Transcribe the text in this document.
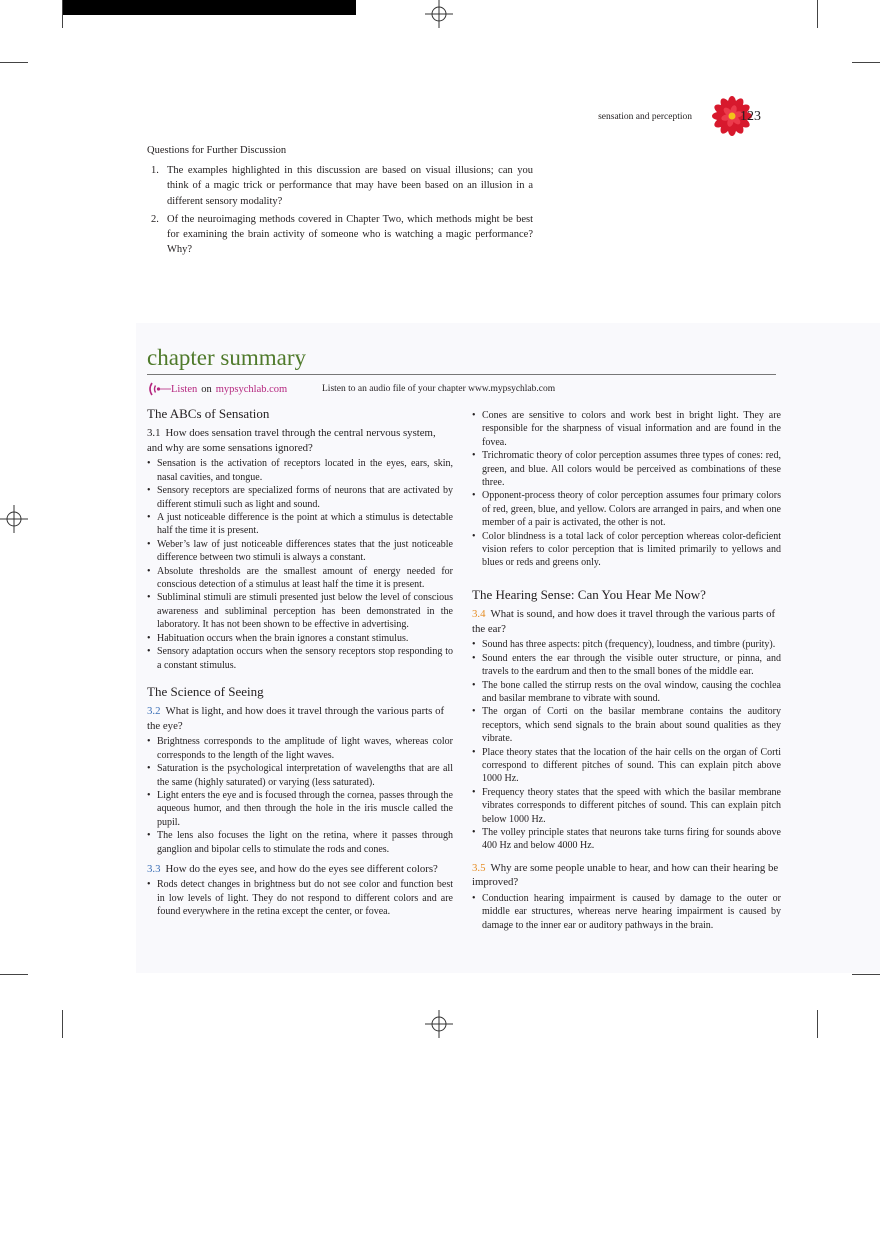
sensation and perception	123
Questions for Further Discussion
1. The examples highlighted in this discussion are based on visual illusions; can you think of a magic trick or performance that may have been based on an illusion in a different sensory modality?
2. Of the neuroimaging methods covered in Chapter Two, which methods might be best for examining the brain activity of someone who is watching a magic performance? Why?
chapter summary
Listen on mypsychlab.com	Listen to an audio file of your chapter www.mypsychlab.com
The ABCs of Sensation
3.1 How does sensation travel through the central nervous system, and why are some sensations ignored?
• Sensation is the activation of receptors located in the eyes, ears, skin, nasal cavities, and tongue.
• Sensory receptors are specialized forms of neurons that are activated by different stimuli such as light and sound.
• A just noticeable difference is the point at which a stimulus is detectable half the time it is present.
• Weber’s law of just noticeable differences states that the just noticeable difference between two stimuli is always a constant.
• Absolute thresholds are the smallest amount of energy needed for conscious detection of a stimulus at least half the time it is present.
• Subliminal stimuli are stimuli presented just below the level of conscious awareness and subliminal perception has been demonstrated in the laboratory. It has not been shown to be effective in advertising.
• Habituation occurs when the brain ignores a constant stimulus.
• Sensory adaptation occurs when the sensory receptors stop responding to a constant stimulus.
The Science of Seeing
3.2 What is light, and how does it travel through the various parts of the eye?
• Brightness corresponds to the amplitude of light waves, whereas color corresponds to the length of the light waves.
• Saturation is the psychological interpretation of wavelengths that are all the same (highly saturated) or varying (less saturated).
• Light enters the eye and is focused through the cornea, passes through the aqueous humor, and then through the hole in the iris muscle called the pupil.
• The lens also focuses the light on the retina, where it passes through ganglion and bipolar cells to stimulate the rods and cones.
3.3 How do the eyes see, and how do the eyes see different colors?
• Rods detect changes in brightness but do not see color and function best in low levels of light. They do not respond to different colors and are found everywhere in the retina except the center, or fovea.
• Cones are sensitive to colors and work best in bright light. They are responsible for the sharpness of visual information and are found in the fovea.
• Trichromatic theory of color perception assumes three types of cones: red, green, and blue. All colors would be perceived as combinations of these three.
• Opponent-process theory of color perception assumes four primary colors of red, green, blue, and yellow. Colors are arranged in pairs, and when one member of a pair is activated, the other is not.
• Color blindness is a total lack of color perception whereas color-deficient vision refers to color perception that is limited primarily to yellows and blues or reds and greens only.
The Hearing Sense: Can You Hear Me Now?
3.4 What is sound, and how does it travel through the various parts of the ear?
• Sound has three aspects: pitch (frequency), loudness, and timbre (purity).
• Sound enters the ear through the visible outer structure, or pinna, and travels to the eardrum and then to the small bones of the middle ear.
• The bone called the stirrup rests on the oval window, causing the cochlea and basilar membrane to vibrate with sound.
• The organ of Corti on the basilar membrane contains the auditory receptors, which send signals to the brain about sound qualities as they vibrate.
• Place theory states that the location of the hair cells on the organ of Corti correspond to different pitches of sound. This can explain pitch above 1000 Hz.
• Frequency theory states that the speed with which the basilar membrane vibrates corresponds to different pitches of sound. This can explain pitch below 1000 Hz.
• The volley principle states that neurons take turns firing for sounds above 400 Hz and below 4000 Hz.
3.5 Why are some people unable to hear, and how can their hearing be improved?
• Conduction hearing impairment is caused by damage to the outer or middle ear structures, whereas nerve hearing impairment is caused by damage to the inner ear or auditory pathways in the brain.
